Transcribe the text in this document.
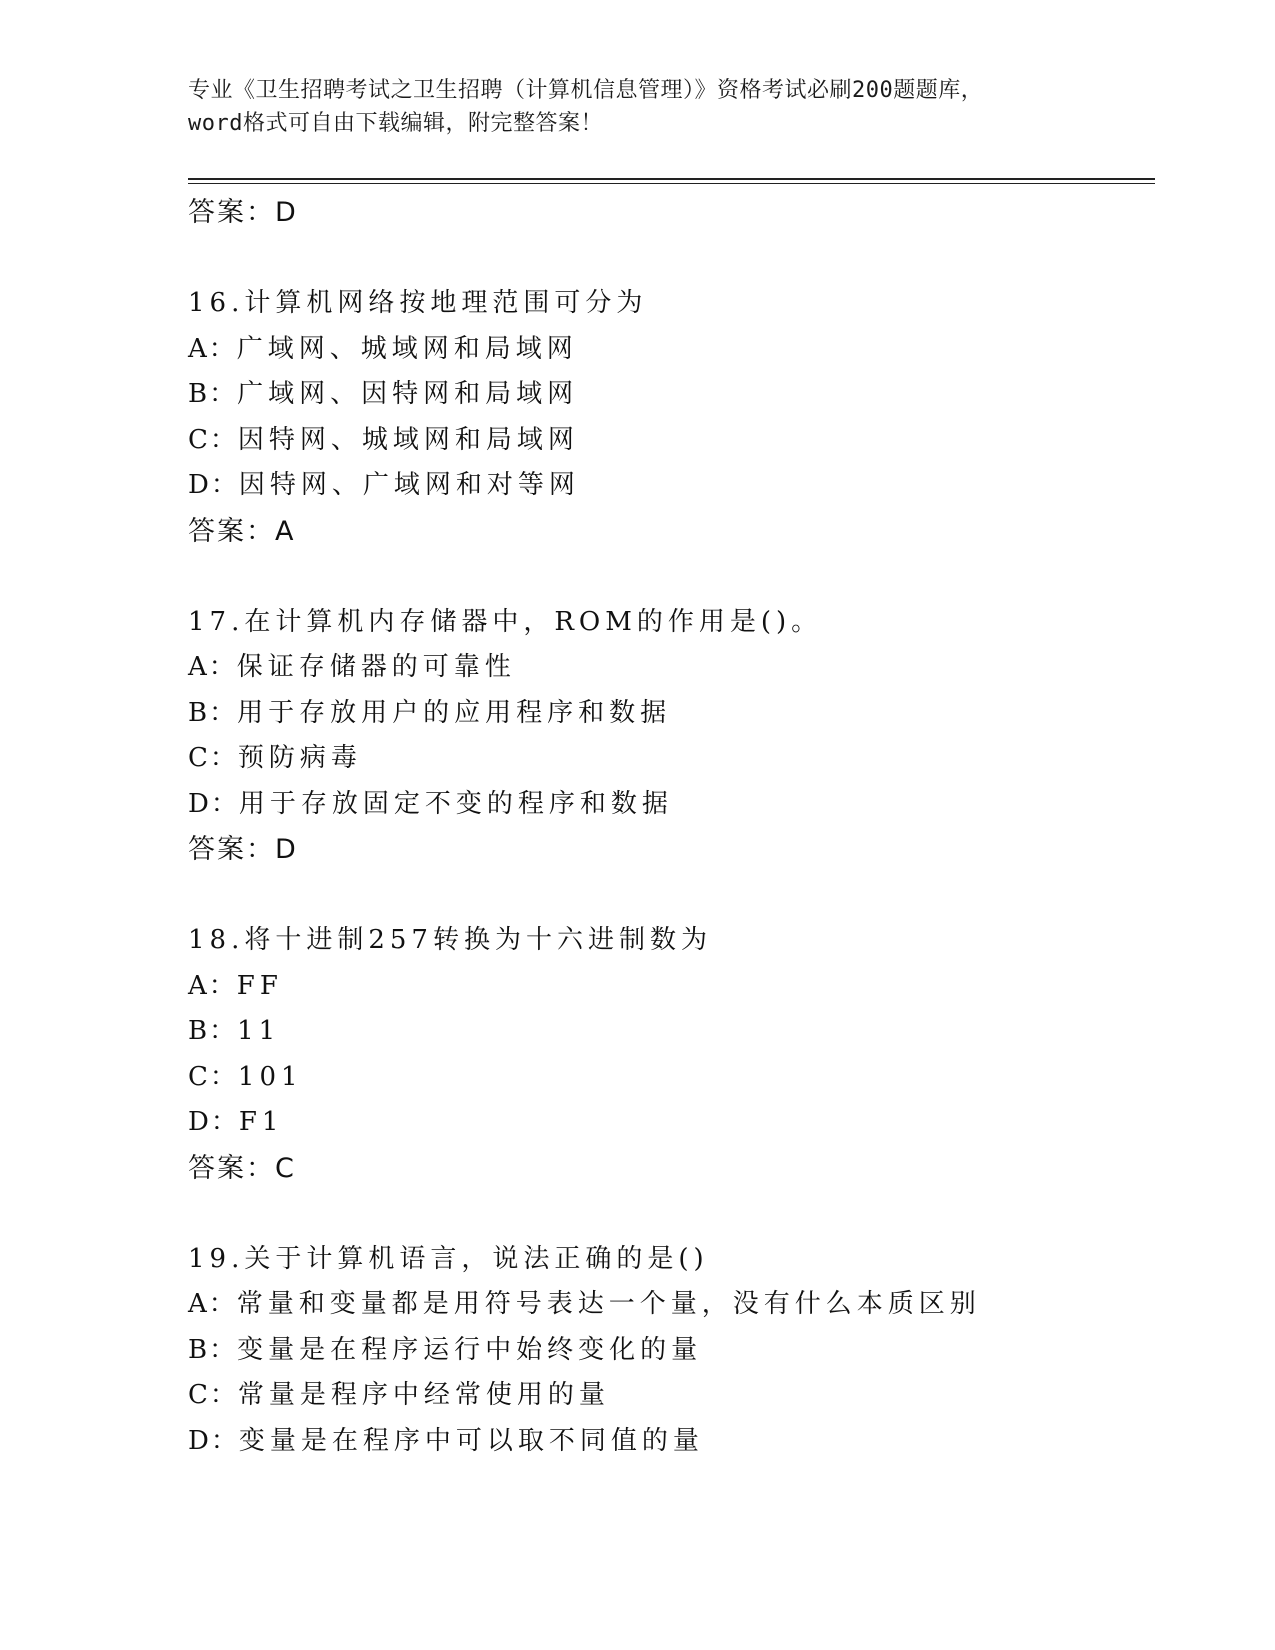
专业《卫生招聘考试之卫生招聘（计算机信息管理）》资格考试必刷200题题库，
word格式可自由下载编辑，附完整答案！
答案：D
16.计算机网络按地理范围可分为
A：广域网、城域网和局域网
B：广域网、因特网和局域网
C：因特网、城域网和局域网
D：因特网、广域网和对等网
答案：A
17.在计算机内存储器中，ROM的作用是()。
A：保证存储器的可靠性
B：用于存放用户的应用程序和数据
C：预防病毒
D：用于存放固定不变的程序和数据
答案：D
18.将十进制257转换为十六进制数为
A：FF
B：11
C：101
D：F1
答案：C
19.关于计算机语言，说法正确的是()
A：常量和变量都是用符号表达一个量，没有什么本质区别
B：变量是在程序运行中始终变化的量
C：常量是程序中经常使用的量
D：变量是在程序中可以取不同值的量
